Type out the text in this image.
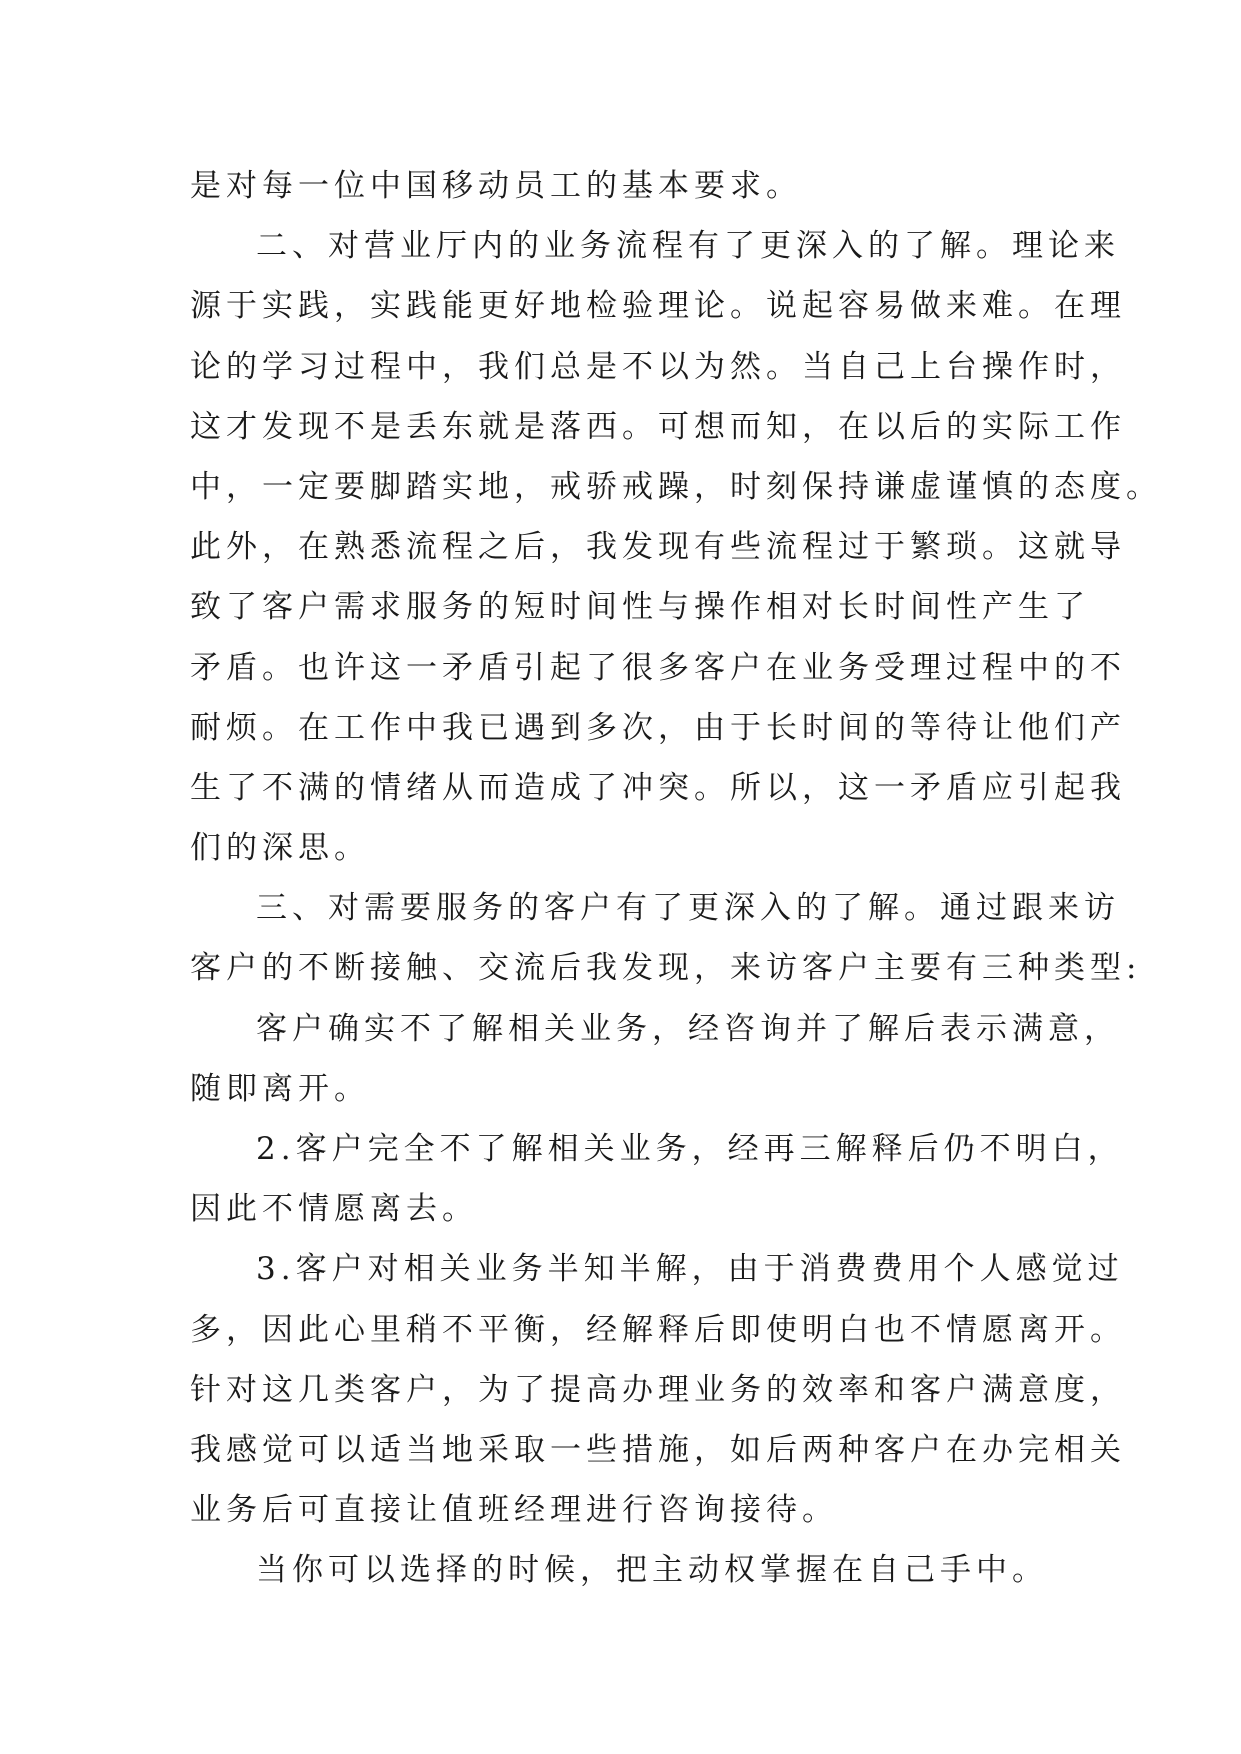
是对每一位中国移动员工的基本要求。

二、对营业厅内的业务流程有了更深入的了解。理论来

源于实践，实践能更好地检验理论。说起容易做来难。在理

论的学习过程中，我们总是不以为然。当自己上台操作时，

这才发现不是丢东就是落西。可想而知，在以后的实际工作

中，一定要脚踏实地，戒骄戒躁，时刻保持谦虚谨慎的态度。

此外，在熟悉流程之后，我发现有些流程过于繁琐。这就导

致了客户需求服务的短时间性与操作相对长时间性产生了

矛盾。也许这一矛盾引起了很多客户在业务受理过程中的不

耐烦。在工作中我已遇到多次，由于长时间的等待让他们产

生了不满的情绪从而造成了冲突。所以，这一矛盾应引起我

们的深思。

三、对需要服务的客户有了更深入的了解。通过跟来访

客户的不断接触、交流后我发现，来访客户主要有三种类型:

客户确实不了解相关业务，经咨询并了解后表示满意，

随即离开。

2.客户完全不了解相关业务，经再三解释后仍不明白，

因此不情愿离去。

3.客户对相关业务半知半解，由于消费费用个人感觉过

多，因此心里稍不平衡，经解释后即使明白也不情愿离开。

针对这几类客户，为了提高办理业务的效率和客户满意度，

我感觉可以适当地采取一些措施，如后两种客户在办完相关

业务后可直接让值班经理进行咨询接待。

当你可以选择的时候，把主动权掌握在自己手中。
